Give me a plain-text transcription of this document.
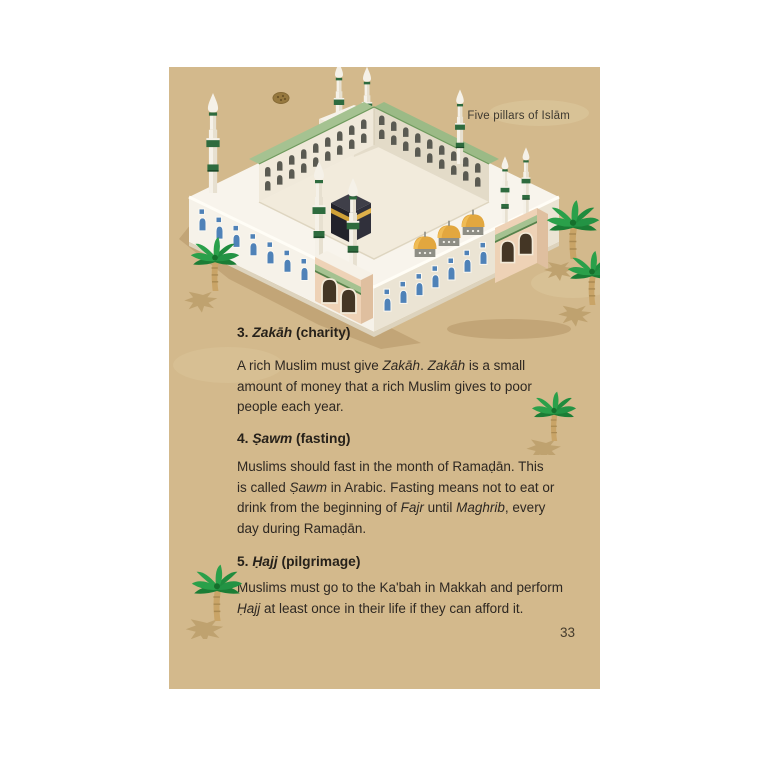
Five pillars of Islām
3. Zakāh (charity)
A rich Muslim must give Zakāh. Zakāh is a small
amount of money that a rich Muslim gives to poor
people each year.
4. Ṣawm (fasting)
Muslims should fast in the month of Ramaḍān. This
is called Ṣawm in Arabic. Fasting means not to eat or
drink from the beginning of Fajr until Maghrib, every
day during Ramaḍān.
5. Ḥajj (pilgrimage)
Muslims must go to the Ka'bah in Makkah and perform
Ḥajj at least once in their life if they can afford it.
33
